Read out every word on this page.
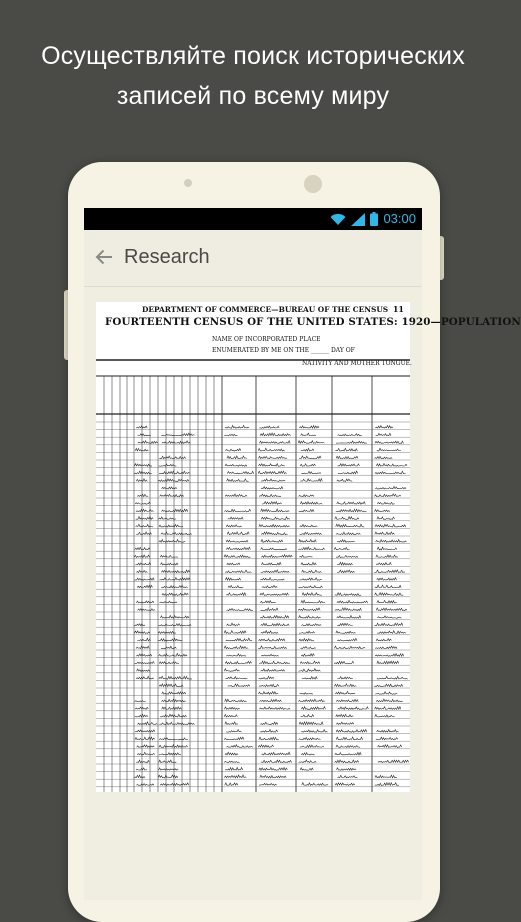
Осуществляйте поиск исторических
записей по всему миру
03:00
Research
DEPARTMENT OF COMMERCE—BUREAU OF THE CENSUS 11
FOURTEENTH CENSUS OF THE UNITED STATES: 1920—POPULATION
NAME OF INCORPORATED PLACE
ENUMERATED BY ME ON THE ______ DAY OF
NATIVITY AND MOTHER TONGUE.
